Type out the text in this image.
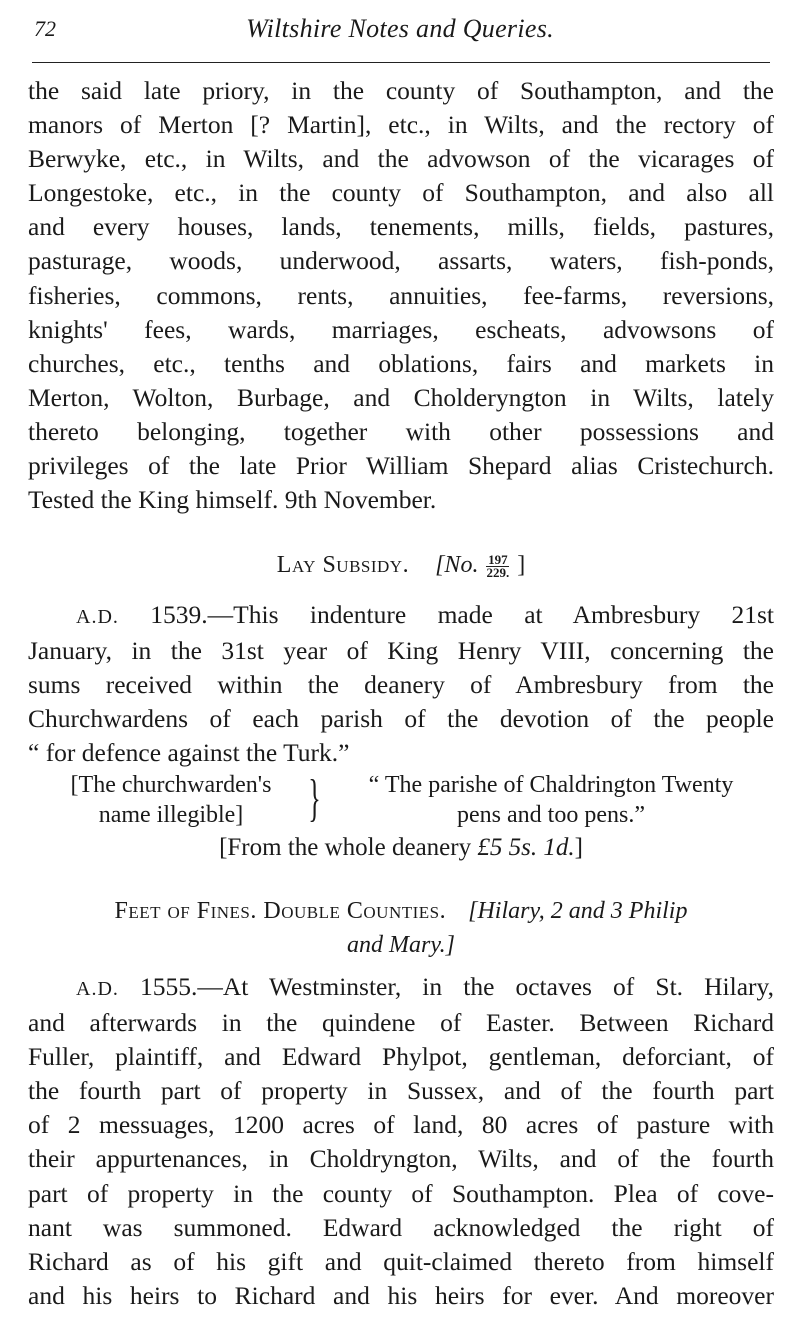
72	Wiltshire Notes and Queries.
the said late priory, in the county of Southampton, and the
manors of Merton [? Martin], etc., in Wilts, and the rectory of
Berwyke, etc., in Wilts, and the advowson of the vicarages of
Longestoke, etc., in the county of Southampton, and also all
and every houses, lands, tenements, mills, fields, pastures,
pasturage, woods, underwood, assarts, waters, fish-ponds,
fisheries, commons, rents, annuities, fee-farms, reversions,
knights' fees, wards, marriages, escheats, advowsons of
churches, etc., tenths and oblations, fairs and markets in
Merton, Wolton, Burbage, and Cholderyngton in Wilts, lately
thereto belonging, together with other possessions and
privileges of the late Prior William Shepard alias Cristechurch.
Tested the King himself. 9th November.
Lay Subsidy. [No. $\frac{197}{229.}$ ]

A.D. 1539.—This indenture made at Ambresbury 21st

January, in the 31st year of King Henry VIII, concerning the
sums received within the deanery of Ambresbury from the
Churchwardens of each parish of the devotion of the people
“ for defence against the Turk.”
[The churchwarden's
name illegible]	}	“ The parishe of Chaldrington Twenty
pens and too pens.”
[From the whole deanery £5 5s. 1d.]
Feet of Fines. Double Counties. [Hilary, 2 and 3 Philip
and Mary.]

A.D. 1555.—At Westminster, in the octaves of St. Hilary,

and afterwards in the quindene of Easter. Between Richard
Fuller, plaintiff, and Edward Phylpot, gentleman, deforciant, of
the fourth part of property in Sussex, and of the fourth part
of 2 messuages, 1200 acres of land, 80 acres of pasture with
their appurtenances, in Choldryngton, Wilts, and of the fourth
part of property in the county of Southampton. Plea of cove-
nant was summoned. Edward acknowledged the right of
Richard as of his gift and quit-claimed thereto from himself
and his heirs to Richard and his heirs for ever. And moreover
